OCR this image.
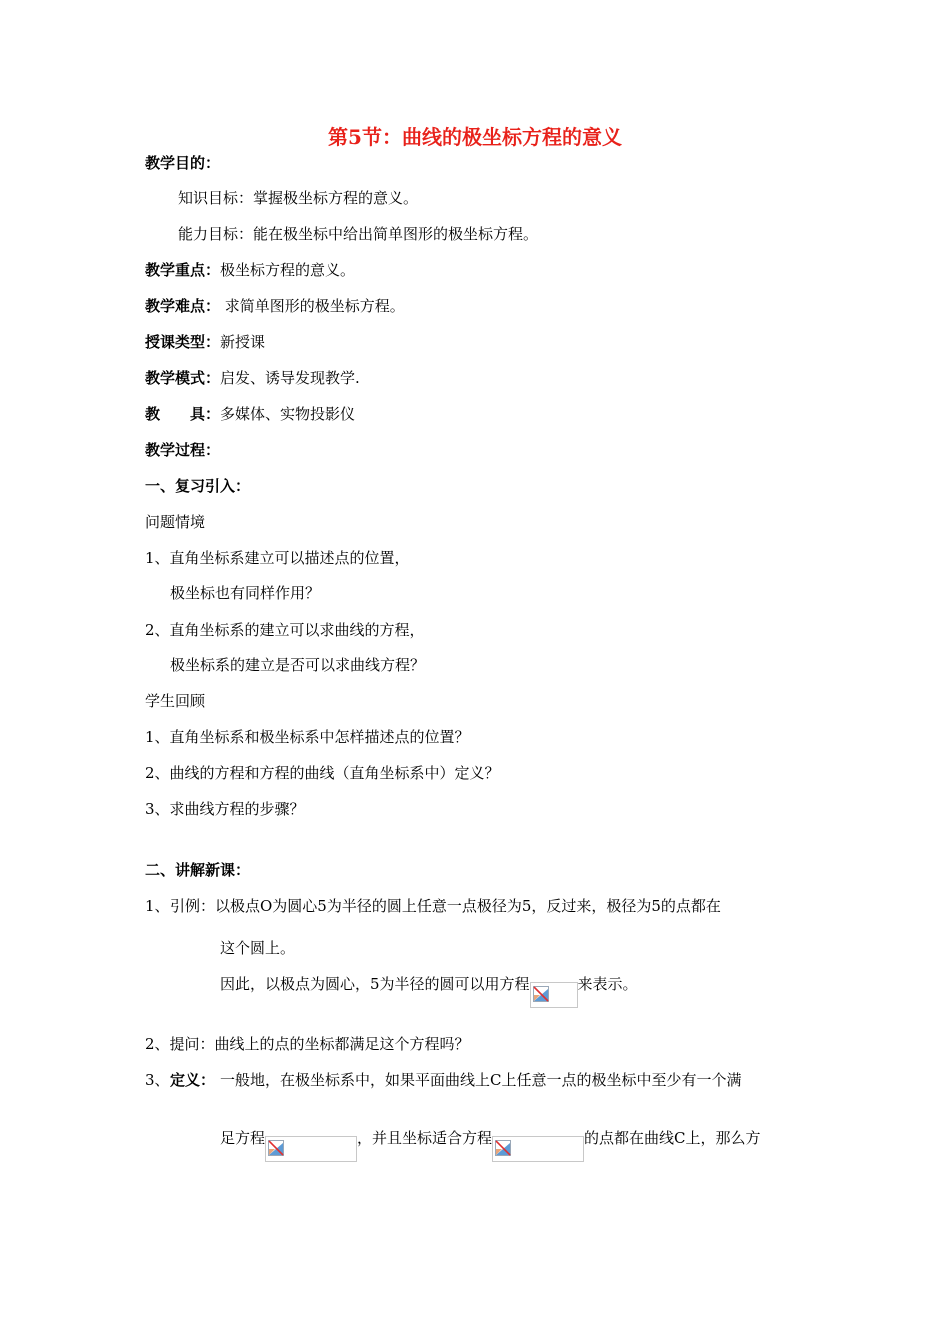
第5节：曲线的极坐标方程的意义
教学目的：
知识目标：掌握极坐标方程的意义。
能力目标：能在极坐标中给出简单图形的极坐标方程。
教学重点：极坐标方程的意义。
教学难点： 求简单图形的极坐标方程。
授课类型：新授课
教学模式：启发、诱导发现教学.
教　　具：多媒体、实物投影仪
教学过程：
一、复习引入：
问题情境
1、直角坐标系建立可以描述点的位置，
极坐标也有同样作用？
2、直角坐标系的建立可以求曲线的方程，
极坐标系的建立是否可以求曲线方程？
学生回顾
1、直角坐标系和极坐标系中怎样描述点的位置？
2、曲线的方程和方程的曲线（直角坐标系中）定义？
3、求曲线方程的步骤？
二、讲解新课：
1、 引例：以极点O为圆心5为半径的圆上任意一点极径为5，反过来，极径为5的点都在
这个圆上。
因此，以极点为圆心，5为半径的圆可以用方程	来表示。
2、提问：曲线上的点的坐标都满足这个方程吗？
3、 定义： 一般地，在极坐标系中，如果平面曲线上C上任意一点的极坐标中至少有一个满
足方程	，并且坐标适合方程	的点都在曲线C上，那么方
